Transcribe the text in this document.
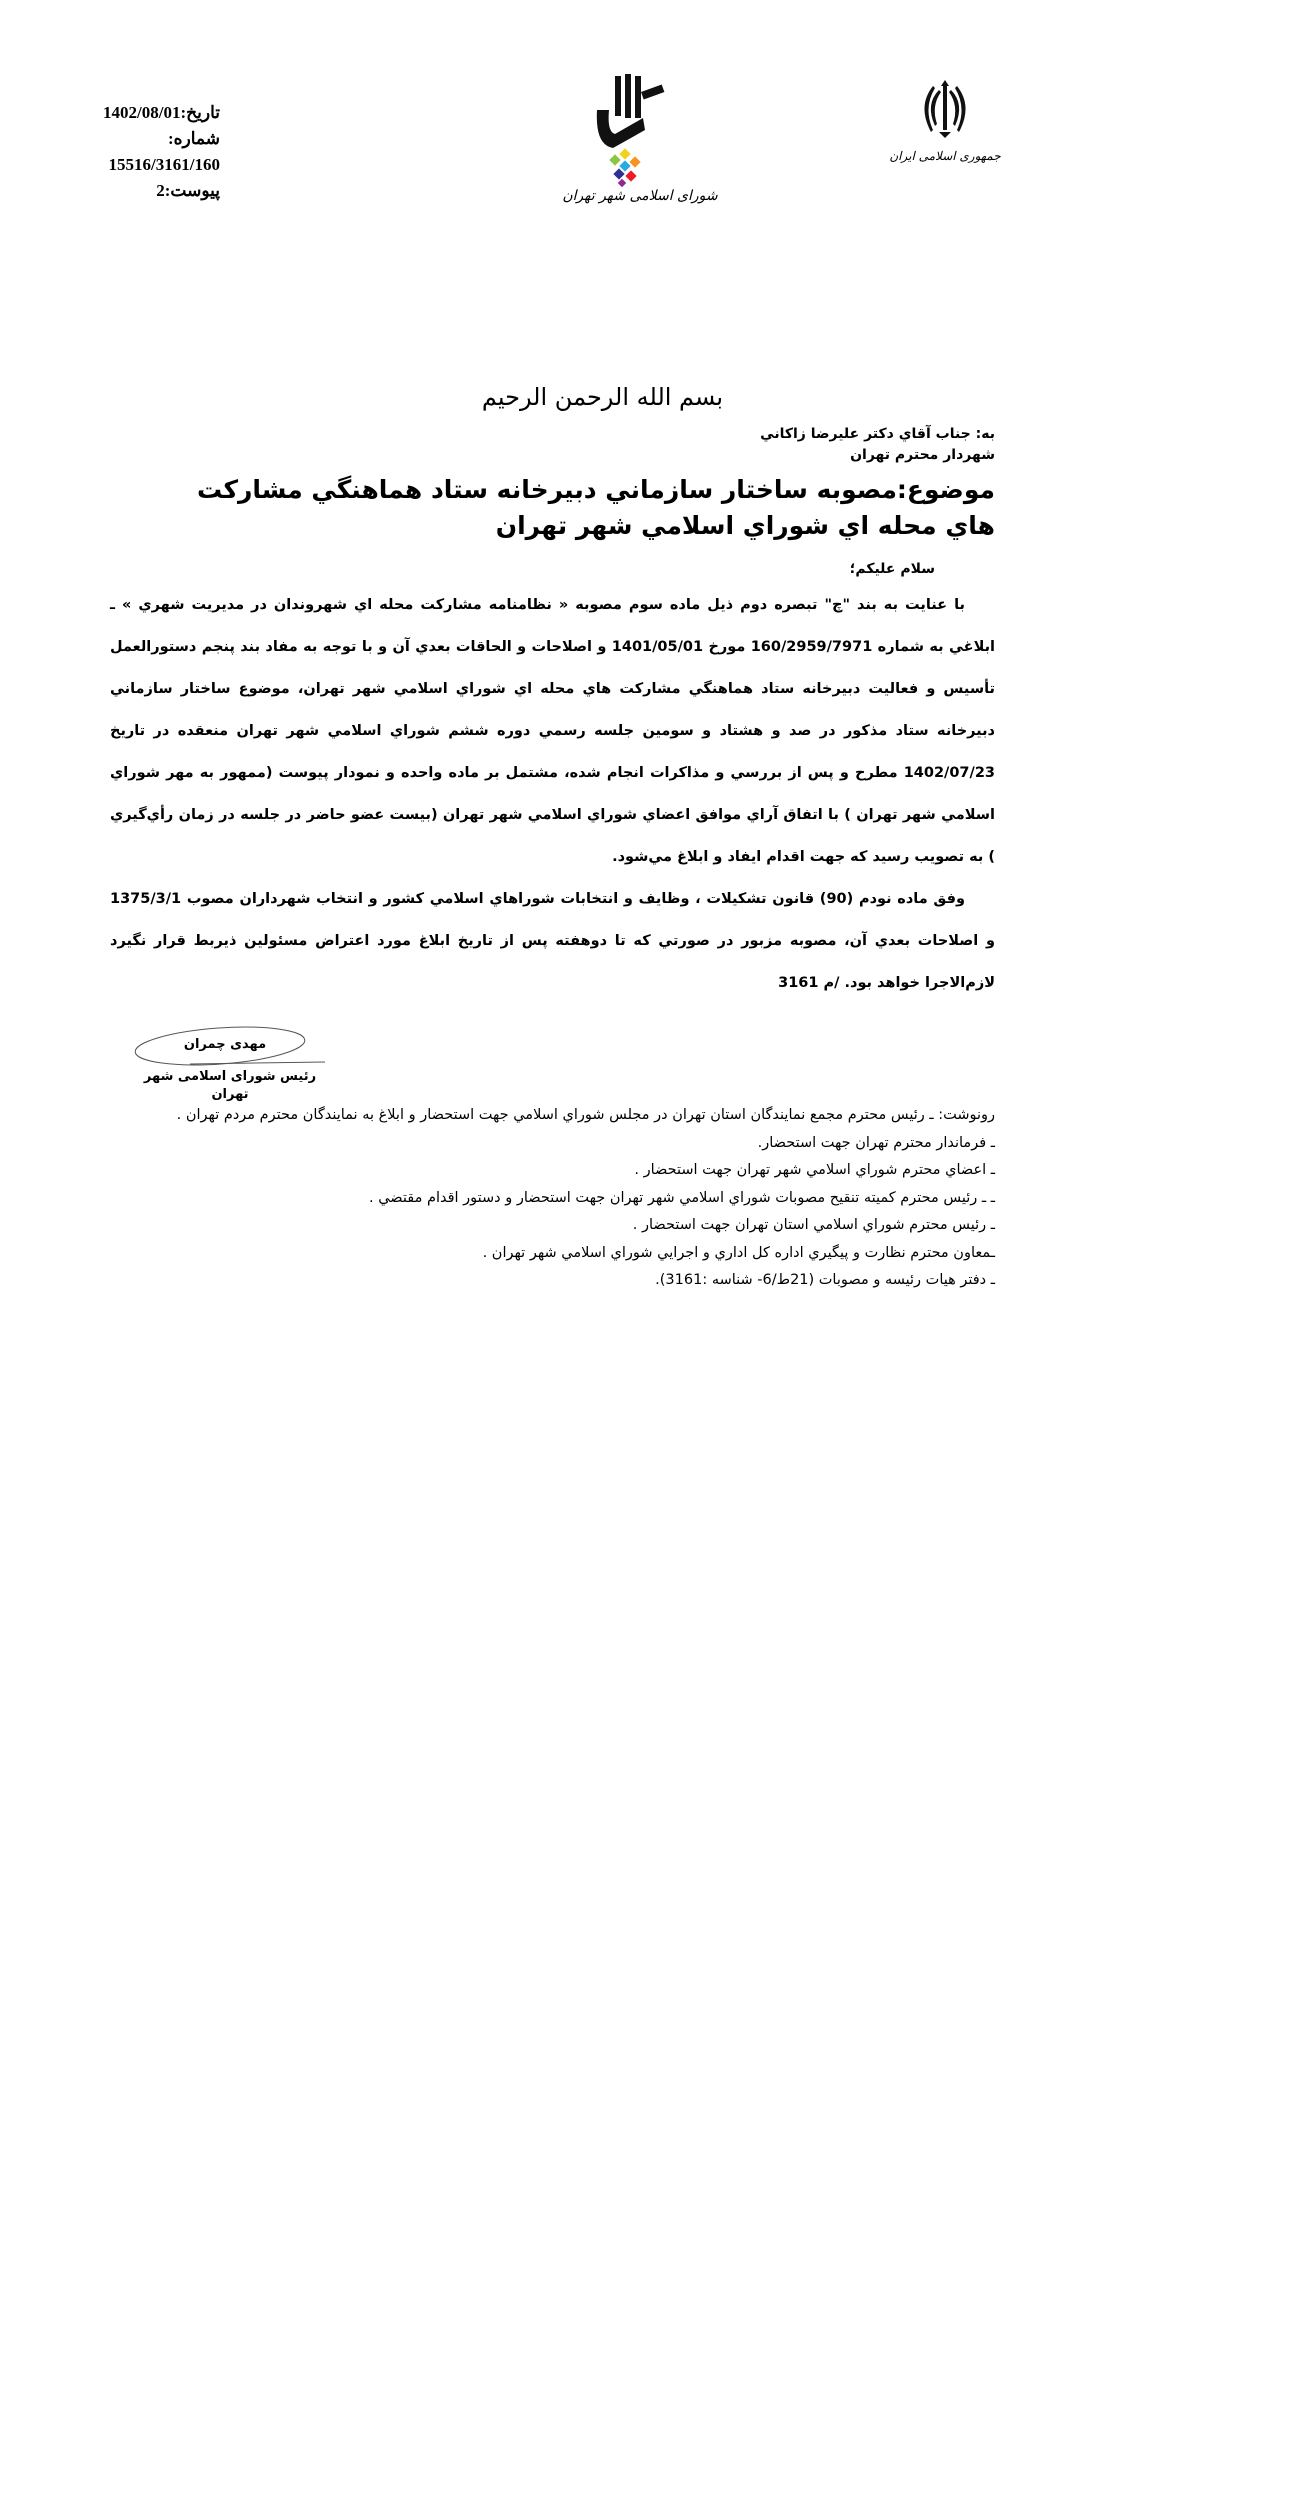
تاریخ:1402/08/01
شماره:
15516/3161/160
پیوست:2	شورای اسلامی شهر تهران
جمهوری اسلامی ایران
بسم الله الرحمن الرحيم
به: جناب آقاي دكتر عليرضا زاكاني
شهردار محترم تهران
موضوع:مصوبه ساختار سازماني دبيرخانه ستاد هماهنگي مشاركت
هاي محله اي شوراي اسلامي شهر تهران
سلام عليكم؛

با عنايت به بند "چ" تبصره دوم ذيل ماده سوم مصوبه « نظامنامه مشاركت محله اي شهروندان در مديريت شهري » ـ ابلاغي به شماره 160/2959/7971 مورخ 1401/05/01 و اصلاحات و الحاقات بعدي آن و با توجه به مفاد بند پنجم دستورالعمل تأسيس و فعاليت دبيرخانه ستاد هماهنگي مشاركت هاي محله اي شوراي اسلامي شهر تهران، موضوع ساختار سازماني دبيرخانه ستاد مذكور در صد و هشتاد و سومين جلسه رسمي دوره ششم شوراي اسلامي شهر تهران منعقده در تاريخ 1402/07/23 مطرح و پس از بررسي و مذاكرات انجام شده، مشتمل بر ماده واحده و نمودار پيوست (ممهور به مهر شوراي اسلامي شهر تهران ) با اتفاق آراي موافق اعضاي شوراي اسلامي شهر تهران (بيست عضو حاضر در جلسه در زمان رأي‌گيري ) به تصويب رسيد كه جهت اقدام ايفاد و ابلاغ مي‌شود.

وفق ماده نودم (90) قانون تشكيلات ، وظايف و انتخابات شوراهاي اسلامي كشور و انتخاب شهرداران مصوب 1375/3/1 و اصلاحات بعدي آن، مصوبه مزبور در صورتي كه تا دوهفته پس از تاريخ ابلاغ مورد اعتراض مسئولين ذيربط قرار نگيرد لازم‌الاجرا خواهد بود. /م 3161

مهدی چمران
رئیس شورای اسلامی شهر تهران
رونوشت: ـ رئيس محترم مجمع نمايندگان استان تهران در مجلس شوراي اسلامي جهت استحضار و ابلاغ به نمايندگان محترم مردم تهران .
ـ فرماندار محترم تهران جهت استحضار.
ـ اعضاي محترم شوراي اسلامي شهر تهران جهت استحضار .
ـ ـ رئيس محترم كميته تنقيح مصوبات شوراي اسلامي شهر تهران جهت استحضار و دستور اقدام مقتضي .
ـ رئيس محترم شوراي اسلامي استان تهران جهت استحضار .
ـمعاون محترم نظارت و پيگيري اداره كل اداري و اجرايي شوراي اسلامي شهر تهران .
ـ دفتر هيات رئيسه و مصوبات (21ط/6- شناسه :3161).
